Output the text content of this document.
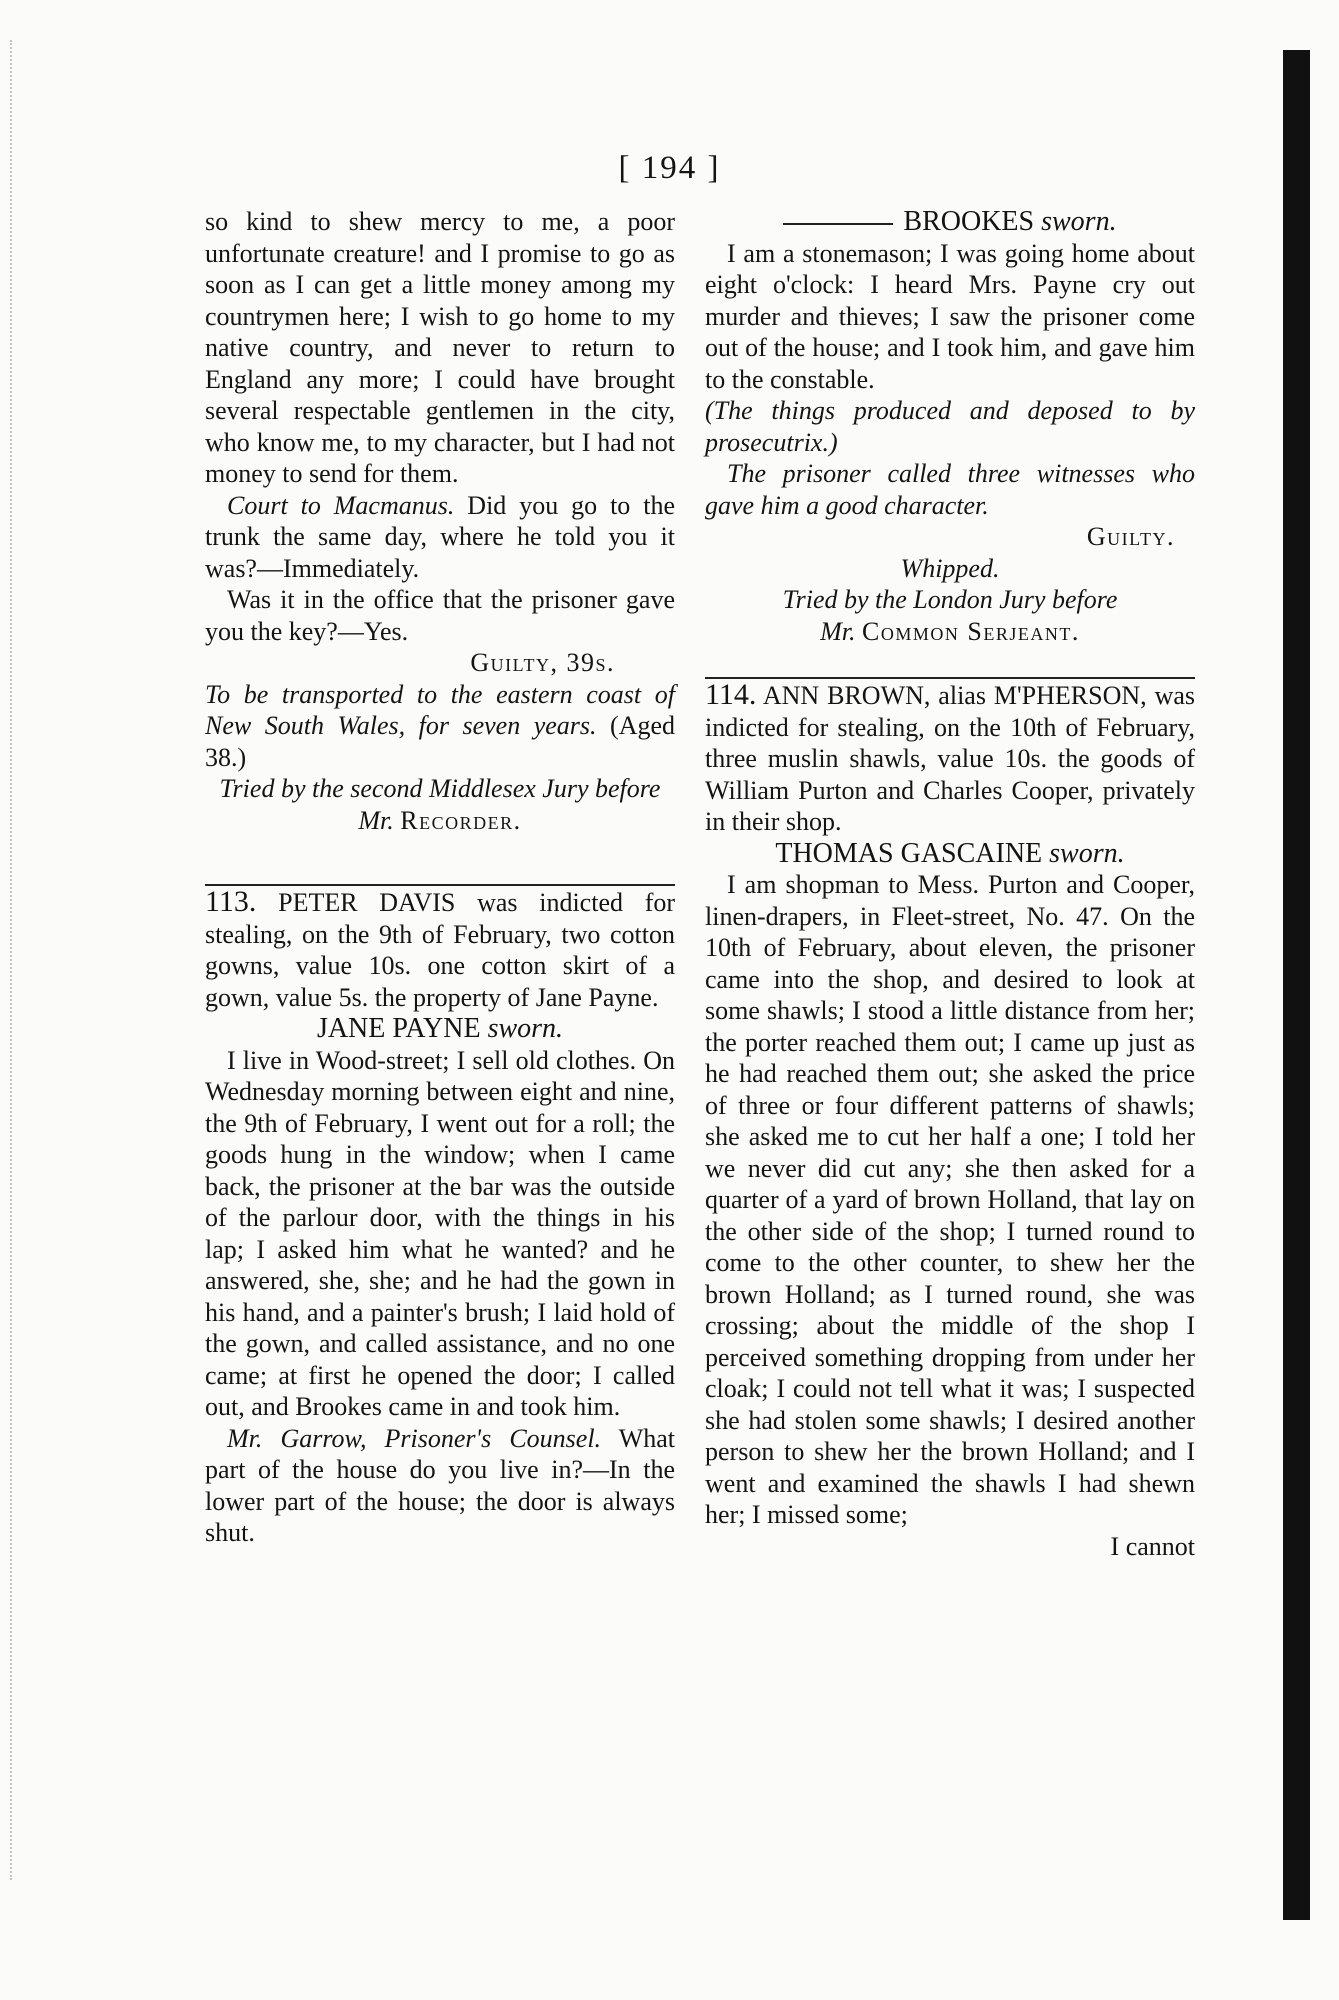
[ 194 ]

so kind to shew mercy to me, a poor unfortunate creature! and I promise to go as soon as I can get a little money among my countrymen here; I wish to go home to my native country, and never to return to England any more; I could have brought several respectable gentlemen in the city, who know me, to my character, but I had not money to send for them.

Court to Macmanus. Did you go to the trunk the same day, where he told you it was?—Immediately.

Was it in the office that the prisoner gave you the key?—Yes.

Guilty, 39s.

To be transported to the eastern coast of New South Wales, for seven years. (Aged 38.)

Tried by the second Middlesex Jury before
Mr. Recorder.

113. PETER DAVIS was indicted for stealing, on the 9th of February, two cotton gowns, value 10s. one cotton skirt of a gown, value 5s. the property of Jane Payne.

JANE PAYNE sworn.

I live in Wood-street; I sell old clothes. On Wednesday morning between eight and nine, the 9th of February, I went out for a roll; the goods hung in the window; when I came back, the prisoner at the bar was the outside of the parlour door, with the things in his lap; I asked him what he wanted? and he answered, she, she; and he had the gown in his hand, and a painter's brush; I laid hold of the gown, and called assistance, and no one came; at first he opened the door; I called out, and Brookes came in and took him.

Mr. Garrow, Prisoner's Counsel. What part of the house do you live in?—In the lower part of the house; the door is always shut.

BROOKES sworn.

I am a stonemason; I was going home about eight o'clock: I heard Mrs. Payne cry out murder and thieves; I saw the prisoner come out of the house; and I took him, and gave him to the constable.

(The things produced and deposed to by prosecutrix.)

The prisoner called three witnesses who gave him a good character.

Guilty.

Whipped.

Tried by the London Jury before
Mr. Common Serjeant.

114. ANN BROWN, alias M'PHERSON, was indicted for stealing, on the 10th of February, three muslin shawls, value 10s. the goods of William Purton and Charles Cooper, privately in their shop.

THOMAS GASCAINE sworn.

I am shopman to Mess. Purton and Cooper, linen-drapers, in Fleet-street, No. 47. On the 10th of February, about eleven, the prisoner came into the shop, and desired to look at some shawls; I stood a little distance from her; the porter reached them out; I came up just as he had reached them out; she asked the price of three or four different patterns of shawls; she asked me to cut her half a one; I told her we never did cut any; she then asked for a quarter of a yard of brown Holland, that lay on the other side of the shop; I turned round to come to the other counter, to shew her the brown Holland; as I turned round, she was crossing; about the middle of the shop I perceived something dropping from under her cloak; I could not tell what it was; I suspected she had stolen some shawls; I desired another person to shew her the brown Holland; and I went and examined the shawls I had shewn her; I missed some;

I cannot
